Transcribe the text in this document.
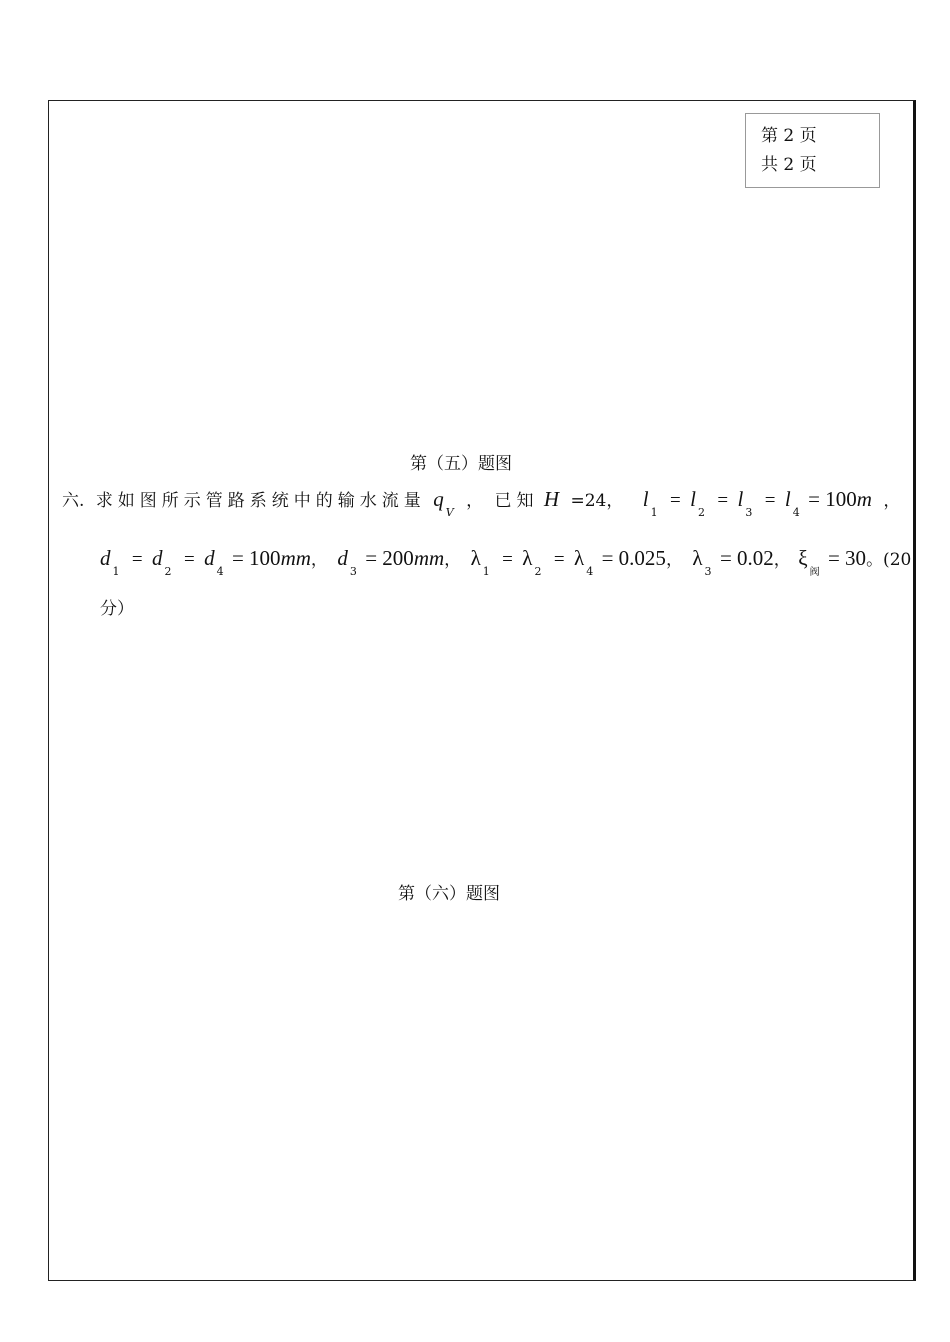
第 2 页
共 2 页
第（五）题图
六. 求如图所示管路系统中的输水流量 qV ， 已知 H =24， l1 = l2 = l3 = l4 = 100m ，
d1 = d2 = d4 = 100mm， d3 = 200mm， λ1 = λ2 = λ4 = 0.025， λ3 = 0.02， ξ阀 = 30。(20
分）
第（六）题图
